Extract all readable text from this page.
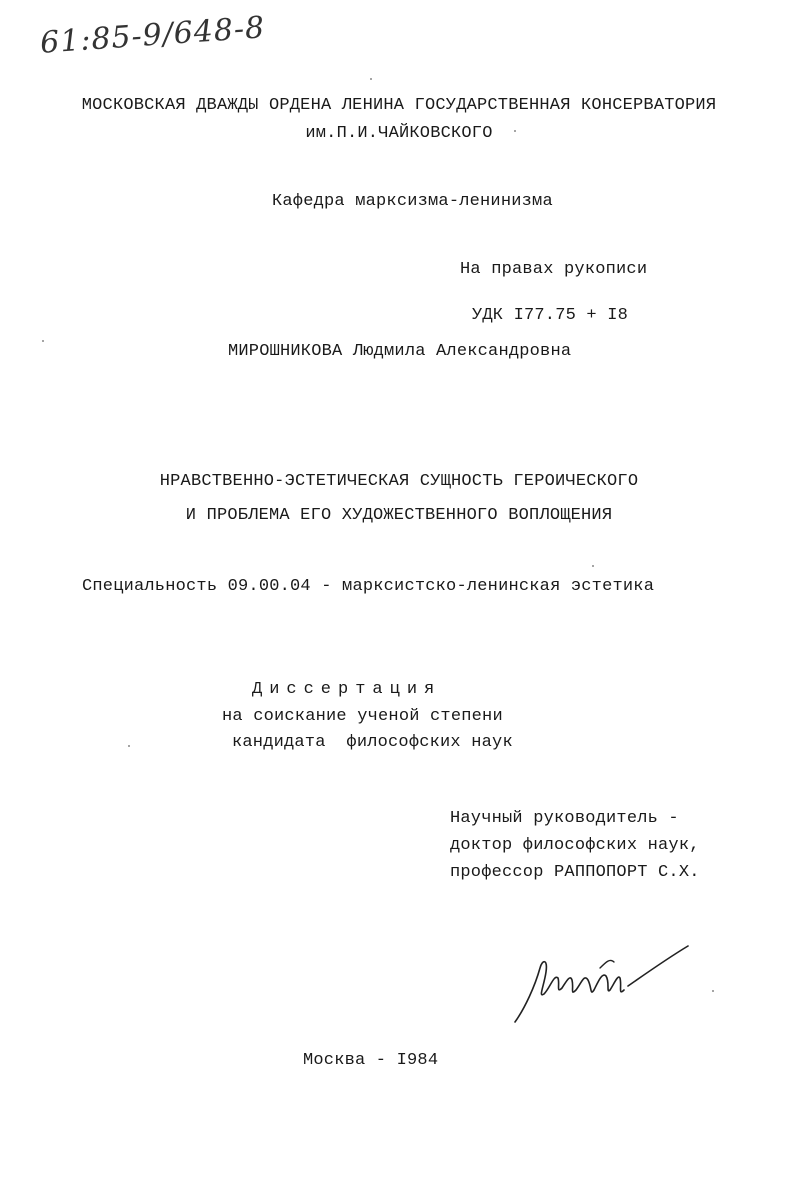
61:85-9/648-8
МОСКОВСКАЯ ДВАЖДЫ ОРДЕНА ЛЕНИНА ГОСУДАРСТВЕННАЯ КОНСЕРВАТОРИЯ
им.П.И.ЧАЙКОВСКОГО
Кафедра марксизма-ленинизма
На правах рукописи
УДК I77.75 + I8
МИРОШНИКОВА Людмила Александровна
НРАВСТВЕННО-ЭСТЕТИЧЕСКАЯ СУЩНОСТЬ ГЕРОИЧЕСКОГО
И ПРОБЛЕМА ЕГО ХУДОЖЕСТВЕННОГО ВОПЛОЩЕНИЯ
Специальность 09.00.04 - марксистско-ленинская эстетика
Диссертация
на соискание ученой степени
кандидата  философских наук
Научный руководитель -
доктор философских наук,
профессор РАППОПОРТ С.Х.
Москва - I984
